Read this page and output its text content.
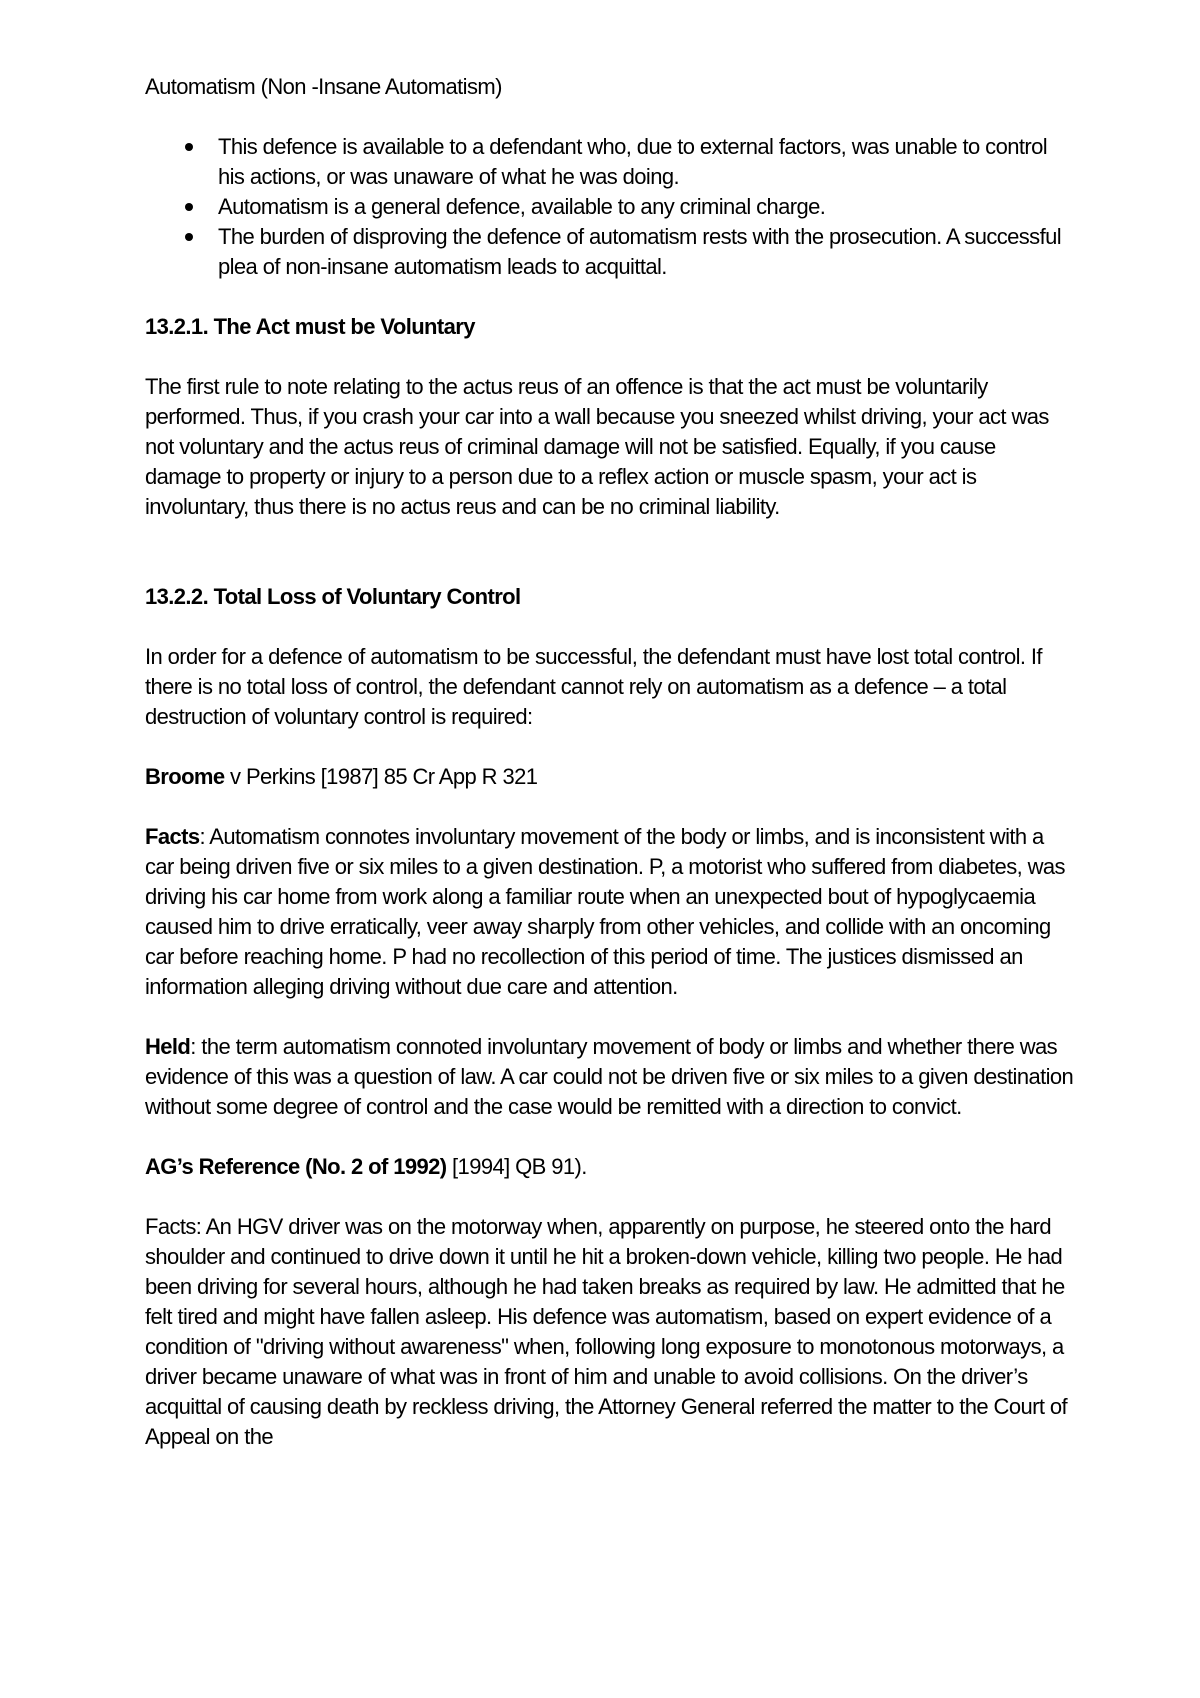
Automatism (Non -Insane Automatism)

This defence is available to a defendant who, due to external factors, was unable to control his actions, or was unaware of what he was doing.
Automatism is a general defence, available to any criminal charge.
The burden of disproving the defence of automatism rests with the prosecution. A successful plea of non-insane automatism leads to acquittal.

13.2.1. The Act must be Voluntary

The first rule to note relating to the actus reus of an offence is that the act must be voluntarily performed. Thus, if you crash your car into a wall because you sneezed whilst driving, your act was not voluntary and the actus reus of criminal damage will not be satisfied. Equally, if you cause damage to property or injury to a person due to a reflex action or muscle spasm, your act is involuntary, thus there is no actus reus and can be no criminal liability.

13.2.2. Total Loss of Voluntary Control

In order for a defence of automatism to be successful, the defendant must have lost total control. If there is no total loss of control, the defendant cannot rely on automatism as a defence – a total destruction of voluntary control is required:

Broome v Perkins [1987] 85 Cr App R 321

Facts: Automatism connotes involuntary movement of the body or limbs, and is inconsistent with a car being driven five or six miles to a given destination. P, a motorist who suffered from diabetes, was driving his car home from work along a familiar route when an unexpected bout of hypoglycaemia caused him to drive erratically, veer away sharply from other vehicles, and collide with an oncoming car before reaching home. P had no recollection of this period of time. The justices dismissed an information alleging driving without due care and attention.

Held: the term automatism connoted involuntary movement of body or limbs and whether there was evidence of this was a question of law. A car could not be driven five or six miles to a given destination without some degree of control and the case would be remitted with a direction to convict.

AG’s Reference (No. 2 of 1992) [1994] QB 91).

Facts: An HGV driver was on the motorway when, apparently on purpose, he steered onto the hard shoulder and continued to drive down it until he hit a broken-down vehicle, killing two people. He had been driving for several hours, although he had taken breaks as required by law. He admitted that he felt tired and might have fallen asleep. His defence was automatism, based on expert evidence of a condition of "driving without awareness" when, following long exposure to monotonous motorways, a driver became unaware of what was in front of him and unable to avoid collisions. On the driver’s acquittal of causing death by reckless driving, the Attorney General referred the matter to the Court of Appeal on the
